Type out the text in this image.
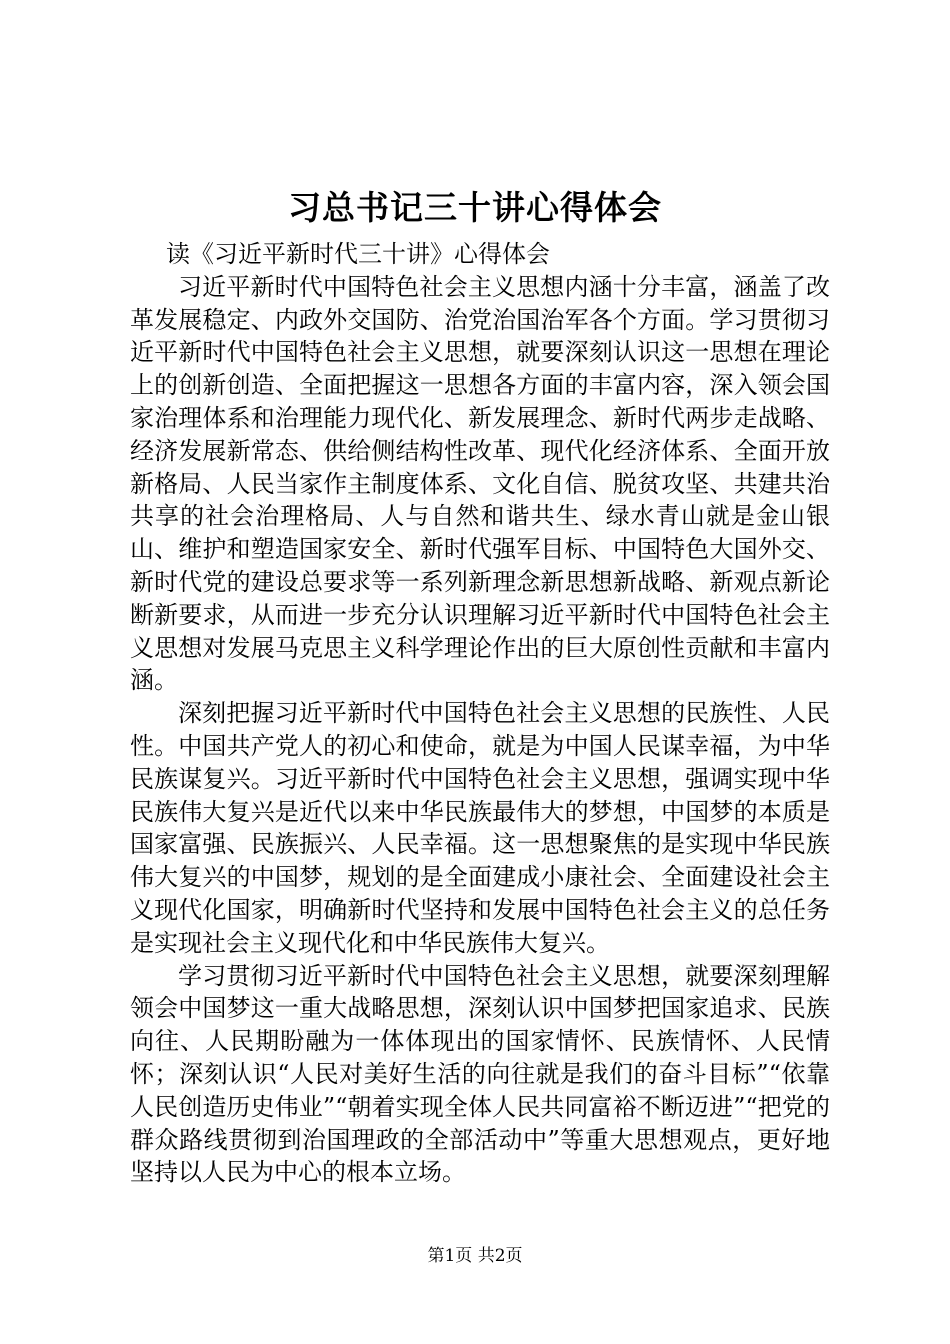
习总书记三十讲心得体会

读《习近平新时代三十讲》心得体会

习近平新时代中国特色社会主义思想内涵十分丰富，涵盖了改革发展稳定、内政外交国防、治党治国治军各个方面。学习贯彻习近平新时代中国特色社会主义思想，就要深刻认识这一思想在理论上的创新创造、全面把握这一思想各方面的丰富内容，深入领会国家治理体系和治理能力现代化、新发展理念、新时代两步走战略、经济发展新常态、供给侧结构性改革、现代化经济体系、全面开放新格局、人民当家作主制度体系、文化自信、脱贫攻坚、共建共治共享的社会治理格局、人与自然和谐共生、绿水青山就是金山银山、维护和塑造国家安全、新时代强军目标、中国特色大国外交、新时代党的建设总要求等一系列新理念新思想新战略、新观点新论断新要求，从而进一步充分认识理解习近平新时代中国特色社会主义思想对发展马克思主义科学理论作出的巨大原创性贡献和丰富内涵。

深刻把握习近平新时代中国特色社会主义思想的民族性、人民性。中国共产党人的初心和使命，就是为中国人民谋幸福，为中华民族谋复兴。习近平新时代中国特色社会主义思想，强调实现中华民族伟大复兴是近代以来中华民族最伟大的梦想，中国梦的本质是国家富强、民族振兴、人民幸福。这一思想聚焦的是实现中华民族伟大复兴的中国梦，规划的是全面建成小康社会、全面建设社会主义现代化国家，明确新时代坚持和发展中国特色社会主义的总任务是实现社会主义现代化和中华民族伟大复兴。

学习贯彻习近平新时代中国特色社会主义思想，就要深刻理解领会中国梦这一重大战略思想，深刻认识中国梦把国家追求、民族向往、人民期盼融为一体体现出的国家情怀、民族情怀、人民情怀；深刻认识“人民对美好生活的向往就是我们的奋斗目标”“依靠人民创造历史伟业”“朝着实现全体人民共同富裕不断迈进”“把党的群众路线贯彻到治国理政的全部活动中”等重大思想观点，更好地坚持以人民为中心的根本立场。

第1页 共2页
